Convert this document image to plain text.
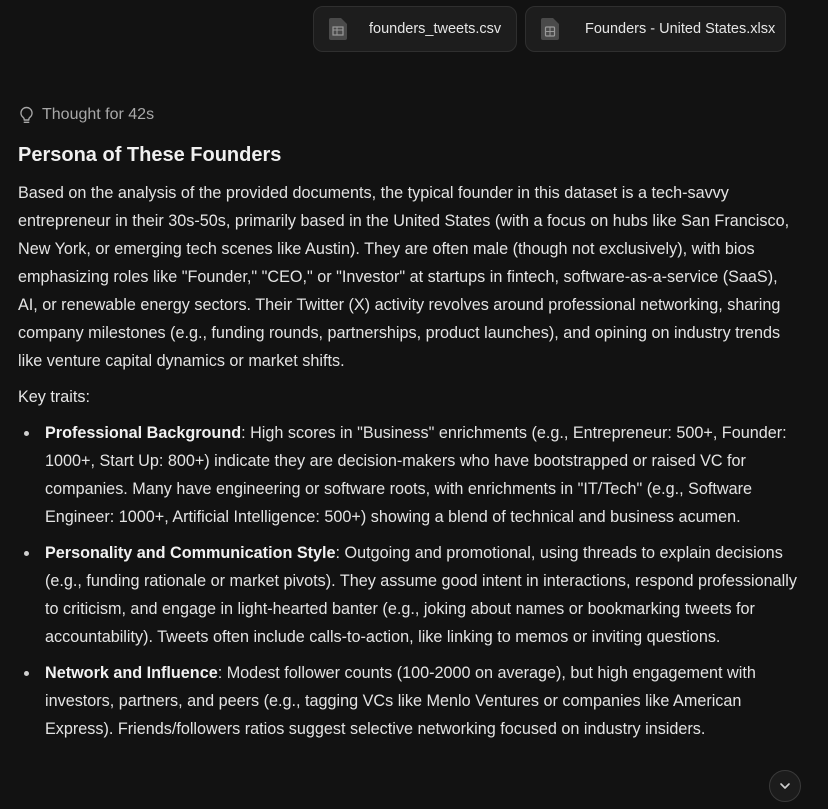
founders_tweets.csv	Founders - United States.xlsx
Thought for 42s
Persona of These Founders

Based on the analysis of the provided documents, the typical founder in this dataset is a tech-savvy entrepreneur in their 30s-50s, primarily based in the United States (with a focus on hubs like San Francisco, New York, or emerging tech scenes like Austin). They are often male (though not exclusively), with bios emphasizing roles like "Founder," "CEO," or "Investor" at startups in fintech, software-as-a-service (SaaS), AI, or renewable energy sectors. Their Twitter (X) activity revolves around professional networking, sharing company milestones (e.g., funding rounds, partnerships, product launches), and opining on industry trends like venture capital dynamics or market shifts.

Key traits:

Professional Background: High scores in "Business" enrichments (e.g., Entrepreneur: 500+, Founder: 1000+, Start Up: 800+) indicate they are decision-makers who have bootstrapped or raised VC for companies. Many have engineering or software roots, with enrichments in "IT/Tech" (e.g., Software Engineer: 1000+, Artificial Intelligence: 500+) showing a blend of technical and business acumen.
Personality and Communication Style: Outgoing and promotional, using threads to explain decisions (e.g., funding rationale or market pivots). They assume good intent in interactions, respond professionally to criticism, and engage in light-hearted banter (e.g., joking about names or bookmarking tweets for accountability). Tweets often include calls-to-action, like linking to memos or inviting questions.
Network and Influence: Modest follower counts (100-2000 on average), but high engagement with investors, partners, and peers (e.g., tagging VCs like Menlo Ventures or companies like American Express). Friends/followers ratios suggest selective networking focused on industry insiders.
